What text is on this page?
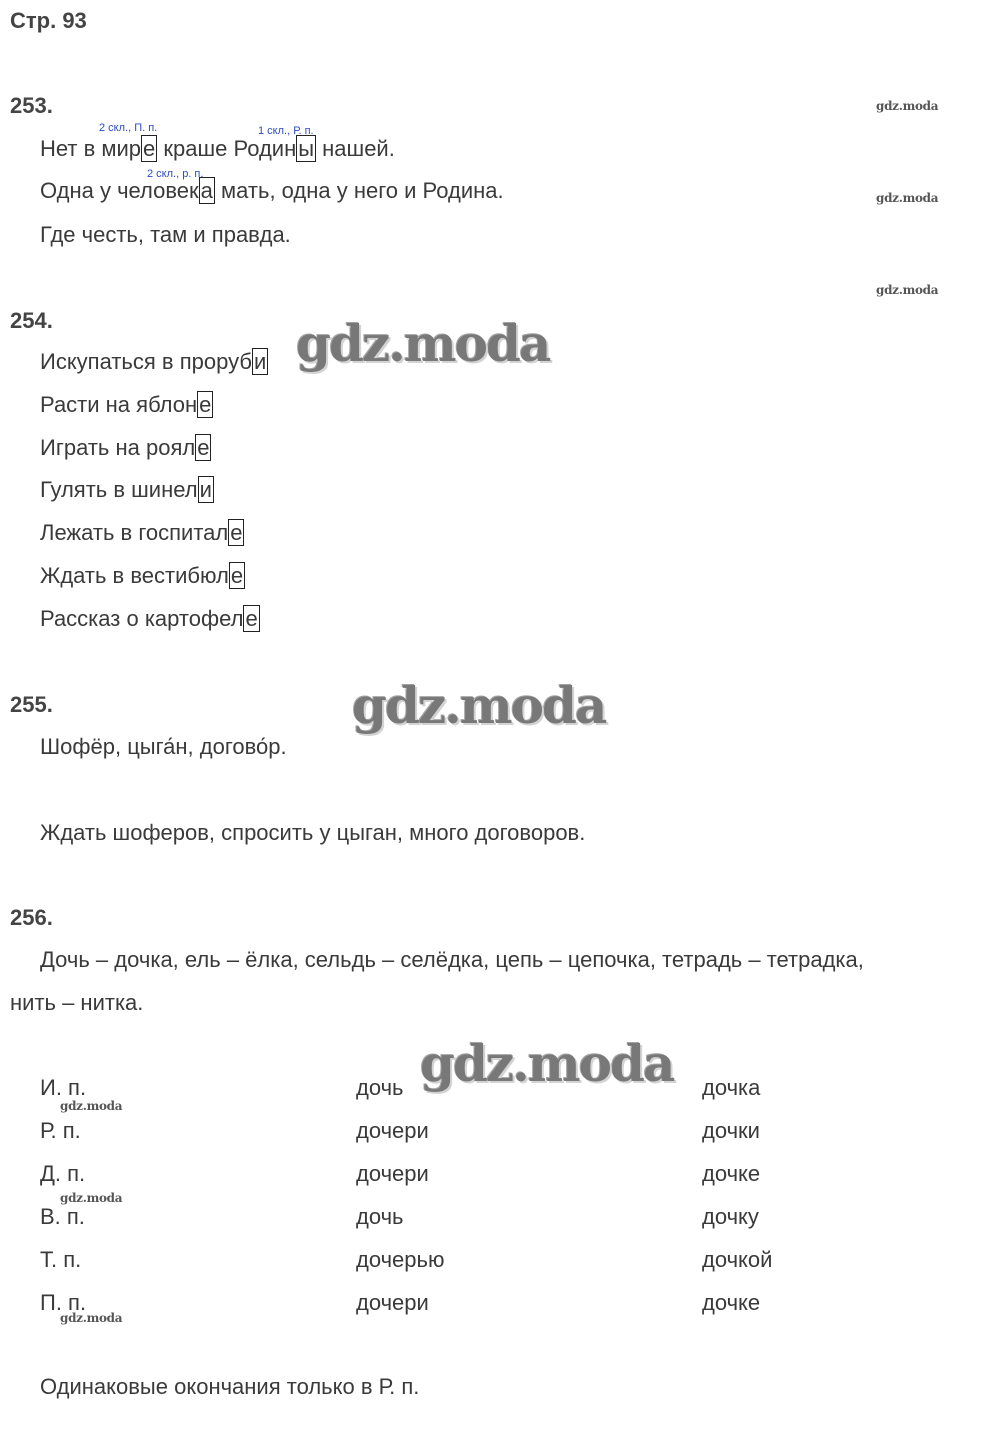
Стр. 93
253.
2 скл., П. п.	1 скл., Р. п.
Нет в мире краше Родины нашей.
2 скл., р. п.
Одна у человека мать, одна у него и Родина.
Где честь, там и правда.
gdz.moda
gdz.moda
gdz.moda
254.
Искупаться в проруби
Расти на яблоне
Играть на рояле
Гулять в шинели
Лежать в госпитале
Ждать в вестибюле
Рассказ о картофеле
gdz.moda
255.	gdz.moda
Шофёр, цыга́н, догово́р.
Ждать шоферов, спросить у цыган, много договоров.
256.
Дочь – дочка, ель – ёлка, сельдь – селёдка, цепь – цепочка, тетрадь – тетрадка,
нить – нитка.
gdz.moda
И. п.	дочь	дочка
Р. п.	дочери	дочки
Д. п.	дочери	дочке
В. п.	дочь	дочку
Т. п.	дочерью	дочкой
П. п.	дочери	дочке
gdz.moda
gdz.moda
gdz.moda
Одинаковые окончания только в Р. п.
